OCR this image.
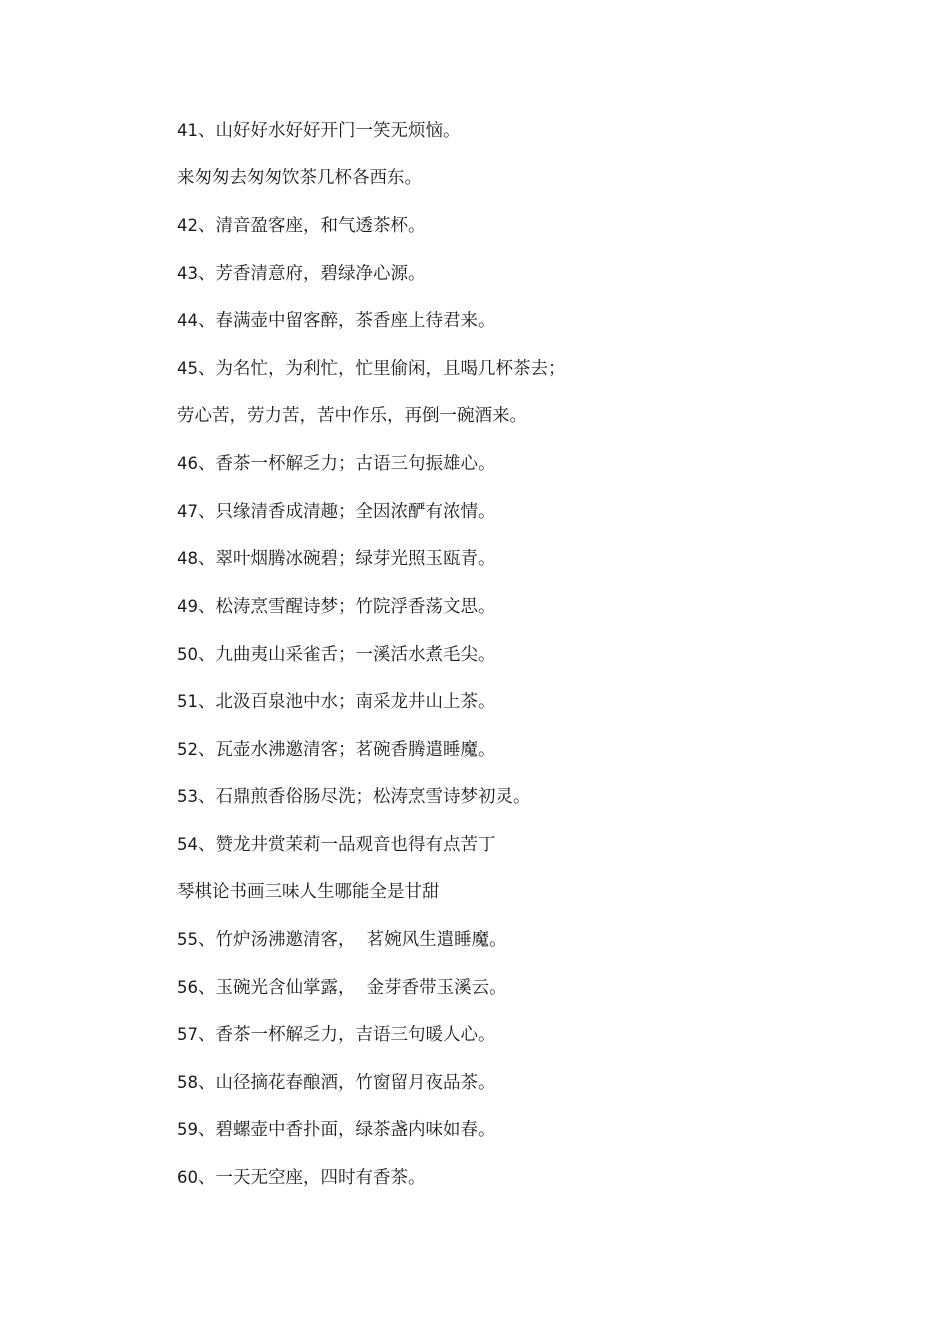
41、山好好水好好开门一笑无烦恼。
来匆匆去匆匆饮茶几杯各西东。
42、清音盈客座，和气透茶杯。
43、芳香清意府，碧绿净心源。
44、春满壶中留客醉，茶香座上待君来。
45、为名忙，为利忙，忙里偷闲，且喝几杯茶去；
劳心苦，劳力苦，苦中作乐，再倒一碗酒来。
46、香茶一杯解乏力；古语三句振雄心。
47、只缘清香成清趣；全因浓酽有浓情。
48、翠叶烟腾冰碗碧；绿芽光照玉瓯青。
49、松涛烹雪醒诗梦；竹院浮香荡文思。
50、九曲夷山采雀舌；一溪活水煮毛尖。
51、北汲百泉池中水；南采龙井山上茶。
52、瓦壶水沸邀清客；茗碗香腾遣睡魔。
53、石鼎煎香俗肠尽洗；松涛烹雪诗梦初灵。
54、赞龙井赏茉莉一品观音也得有点苦丁
琴棋论书画三味人生哪能全是甘甜
55、竹炉汤沸邀清客，  茗婉风生遣睡魔。
56、玉碗光含仙掌露，  金芽香带玉溪云。
57、香茶一杯解乏力，吉语三句暖人心。
58、山径摘花春酿酒，竹窗留月夜品茶。
59、碧螺壶中香扑面，绿茶盏内味如春。
60、一天无空座，四时有香茶。
